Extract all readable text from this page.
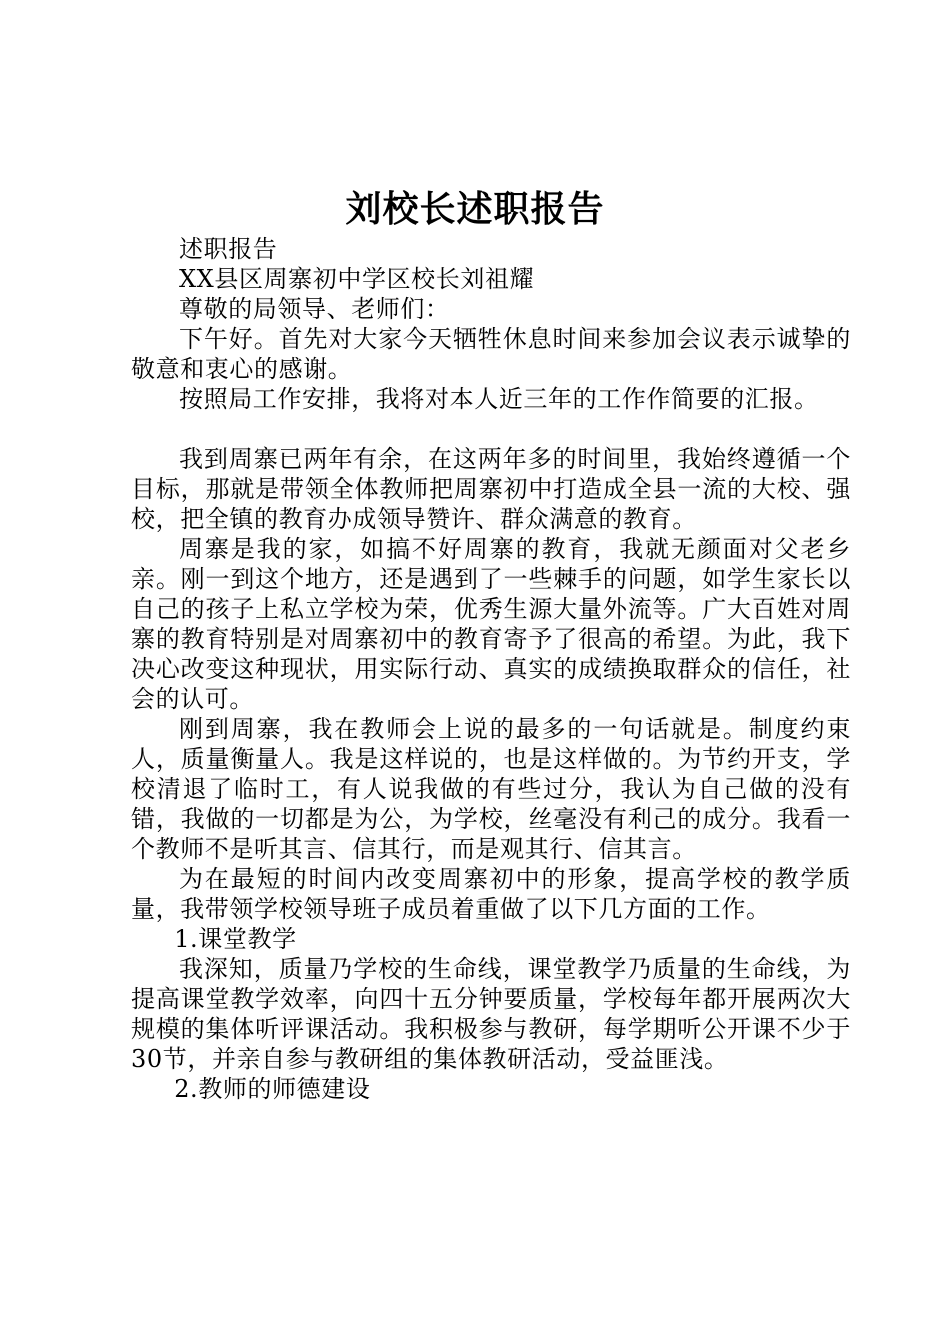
刘校长述职报告

述职报告

XX县区周寨初中学区校长刘祖耀

尊敬的局领导、老师们：

下午好。首先对大家今天牺牲休息时间来参加会议表示诚挚的敬意和衷心的感谢。

按照局工作安排，我将对本人近三年的工作作简要的汇报。

我到周寨已两年有余，在这两年多的时间里，我始终遵循一个目标，那就是带领全体教师把周寨初中打造成全县一流的大校、强校，把全镇的教育办成领导赞许、群众满意的教育。

周寨是我的家，如搞不好周寨的教育，我就无颜面对父老乡亲。刚一到这个地方，还是遇到了一些棘手的问题，如学生家长以自己的孩子上私立学校为荣，优秀生源大量外流等。广大百姓对周寨的教育特别是对周寨初中的教育寄予了很高的希望。为此，我下决心改变这种现状，用实际行动、真实的成绩换取群众的信任，社会的认可。

刚到周寨，我在教师会上说的最多的一句话就是。制度约束人，质量衡量人。我是这样说的，也是这样做的。为节约开支，学校清退了临时工，有人说我做的有些过分，我认为自己做的没有错，我做的一切都是为公，为学校，丝毫没有利己的成分。我看一个教师不是听其言、信其行，而是观其行、信其言。

为在最短的时间内改变周寨初中的形象，提高学校的教学质量，我带领学校领导班子成员着重做了以下几方面的工作。

1.课堂教学

我深知，质量乃学校的生命线，课堂教学乃质量的生命线，为提高课堂教学效率，向四十五分钟要质量，学校每年都开展两次大规模的集体听评课活动。我积极参与教研，每学期听公开课不少于30节，并亲自参与教研组的集体教研活动，受益匪浅。

2.教师的师德建设
